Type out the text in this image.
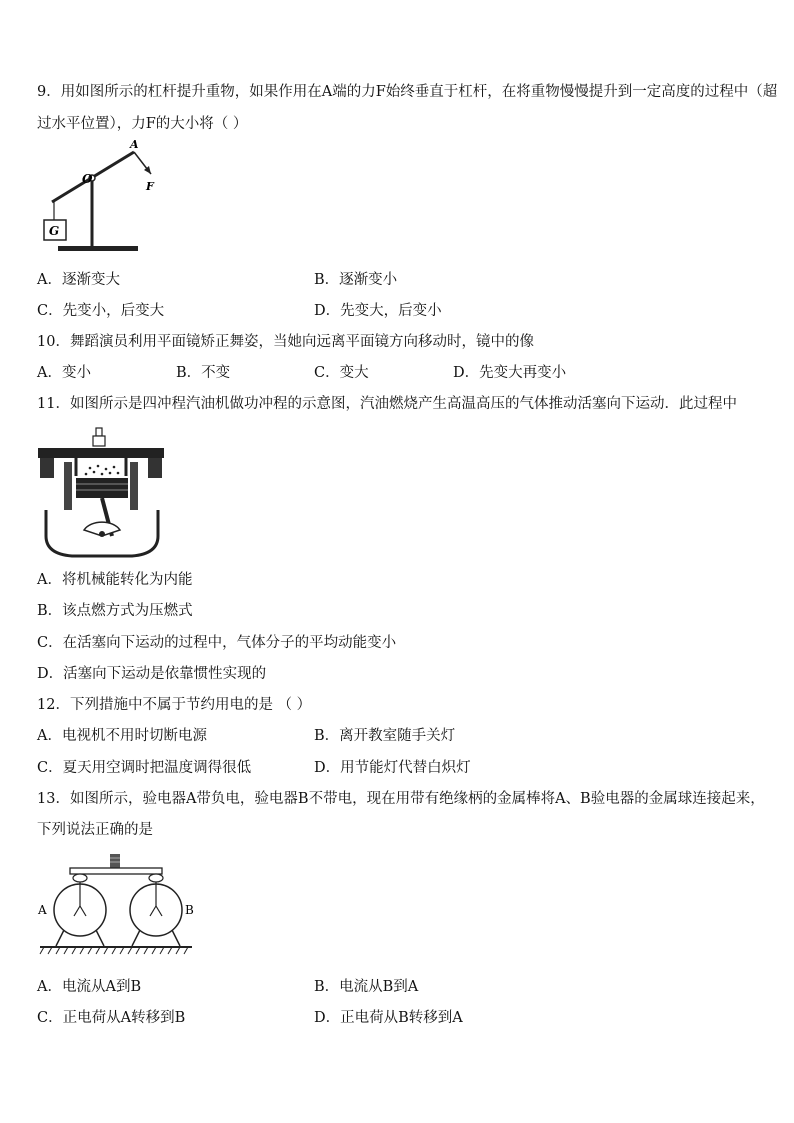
9．用如图所示的杠杆提升重物，如果作用在A端的力F始终垂直于杠杆，在将重物慢慢提升到一定高度的过程中（超
过水平位置），力F的大小将（ ）
G
O
A
F
A．逐渐变大	B．逐渐变小
C．先变小，后变大	D．先变大，后变小
10．舞蹈演员利用平面镜矫正舞姿，当她向远离平面镜方向移动时，镜中的像
A．变小	B．不变	C．变大	D．先变大再变小
11．如图所示是四冲程汽油机做功冲程的示意图，汽油燃烧产生高温高压的气体推动活塞向下运动．此过程中
A．将机械能转化为内能
B．该点燃方式为压燃式
C．在活塞向下运动的过程中，气体分子的平均动能变小
D．活塞向下运动是依靠惯性实现的
12．下列措施中不属于节约用电的是 （ ）
A．电视机不用时切断电源	B．离开教室随手关灯
C．夏天用空调时把温度调得很低	D．用节能灯代替白炽灯
13．如图所示，验电器A带负电，验电器B不带电，现在用带有绝缘柄的金属棒将A、B验电器的金属球连接起来，
下列说法正确的是
A	B
A．电流从A到B	B．电流从B到A
C．正电荷从A转移到B	D．正电荷从B转移到A
